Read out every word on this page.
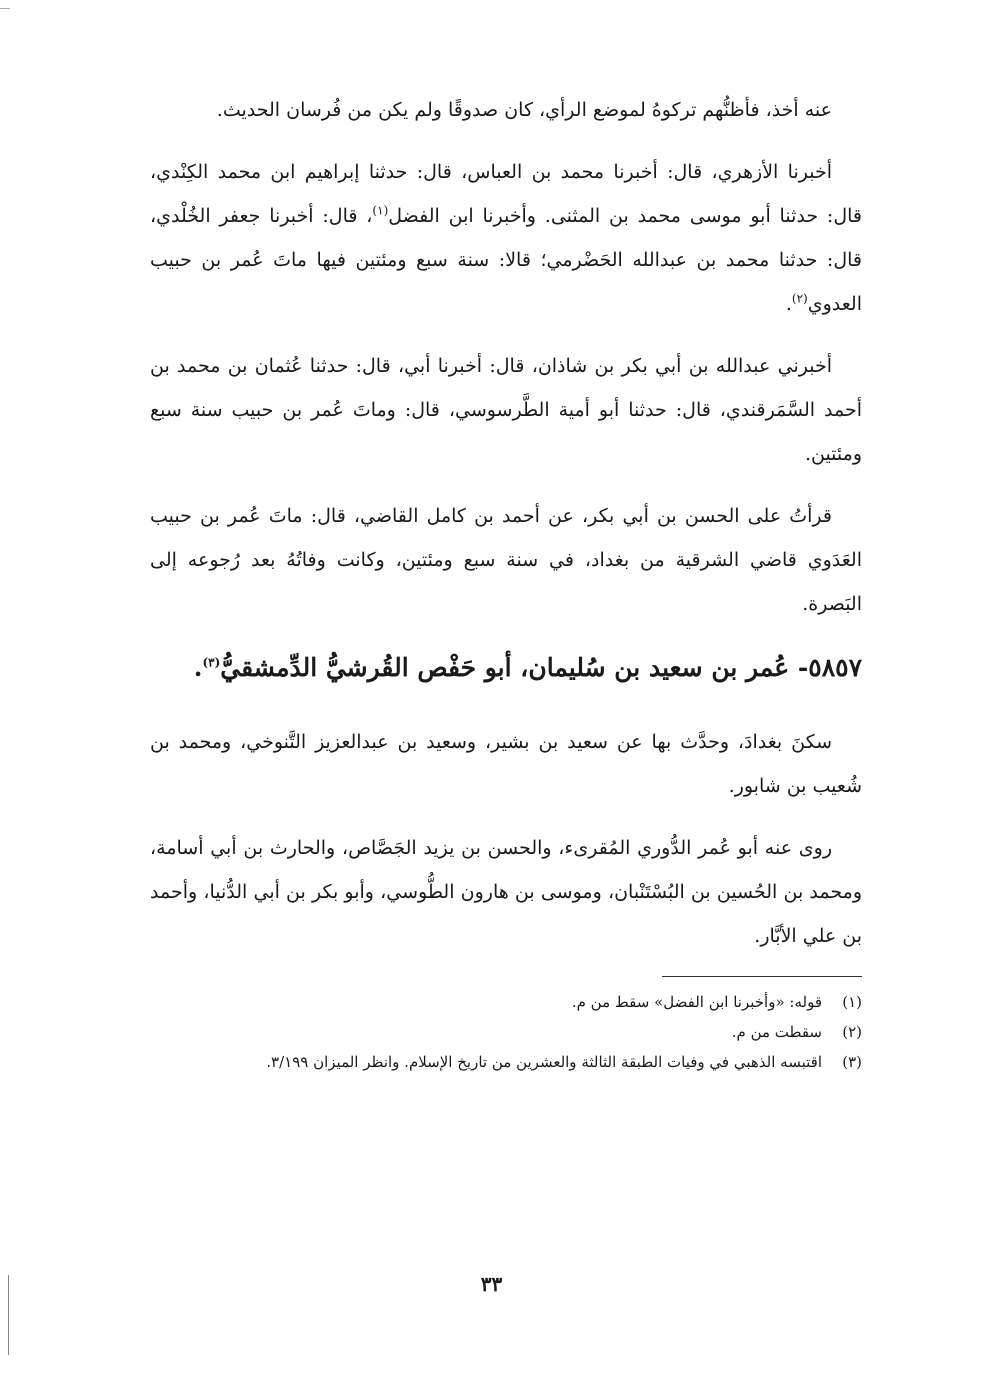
عنه أخذ، فأظنُّهم تركوهُ لموضع الرأي، كان صدوقًا ولم يكن من فُرسان الحديث.

أخبرنا الأزهري، قال: أخبرنا محمد بن العباس، قال: حدثنا إبراهيم ابن محمد الكِنْدي، قال: حدثنا أبو موسى محمد بن المثنى. وأخبرنا ابن الفضل$^{(١)}$، قال: أخبرنا جعفر الخُلْدي، قال: حدثنا محمد بن عبدالله الحَضْرمي؛ قالا: سنة سبع ومئتين فيها ماتَ عُمر بن حبيب العدوي$^{(٢)}$.

أخبرني عبدالله بن أبي بكر بن شاذان، قال: أخبرنا أبي، قال: حدثنا عُثمان بن محمد بن أحمد السَّمَرقندي، قال: حدثنا أبو أمية الطَّرسوسي، قال: وماتَ عُمر بن حبيب سنة سبع ومئتين.

قرأتُ على الحسن بن أبي بكر، عن أحمد بن كامل القاضي، قال: ماتَ عُمر بن حبيب العَدَوي قاضي الشرقية من بغداد، في سنة سبع ومئتين، وكانت وفاتُهُ بعد رُجوعه إلى البَصرة.

٥٨٥٧- عُمر بن سعيد بن سُليمان، أبو حَفْص القُرشيُّ الدِّمشقيُّ$^{(٣)}$.

سكنَ بغدادَ، وحدَّث بها عن سعيد بن بشير، وسعيد بن عبدالعزيز التَّنوخي، ومحمد بن شُعيب بن شابور.

روى عنه أبو عُمر الدُّوري المُقرىء، والحسن بن يزيد الجَصَّاص، والحارث بن أبي أسامة، ومحمد بن الحُسين بن البُسْتَنْبان، وموسى بن هارون الطُّوسي، وأبو بكر بن أبي الدُّنيا، وأحمد بن علي الأبَّار.

(١)
قوله: «وأخبرنا ابن الفضل» سقط من م.
(٢)
سقطت من م.
(٣)
اقتبسه الذهبي في وفيات الطبقة الثالثة والعشرين من تاريخ الإسلام. وانظر الميزان ٣/١٩٩.
٣٣
